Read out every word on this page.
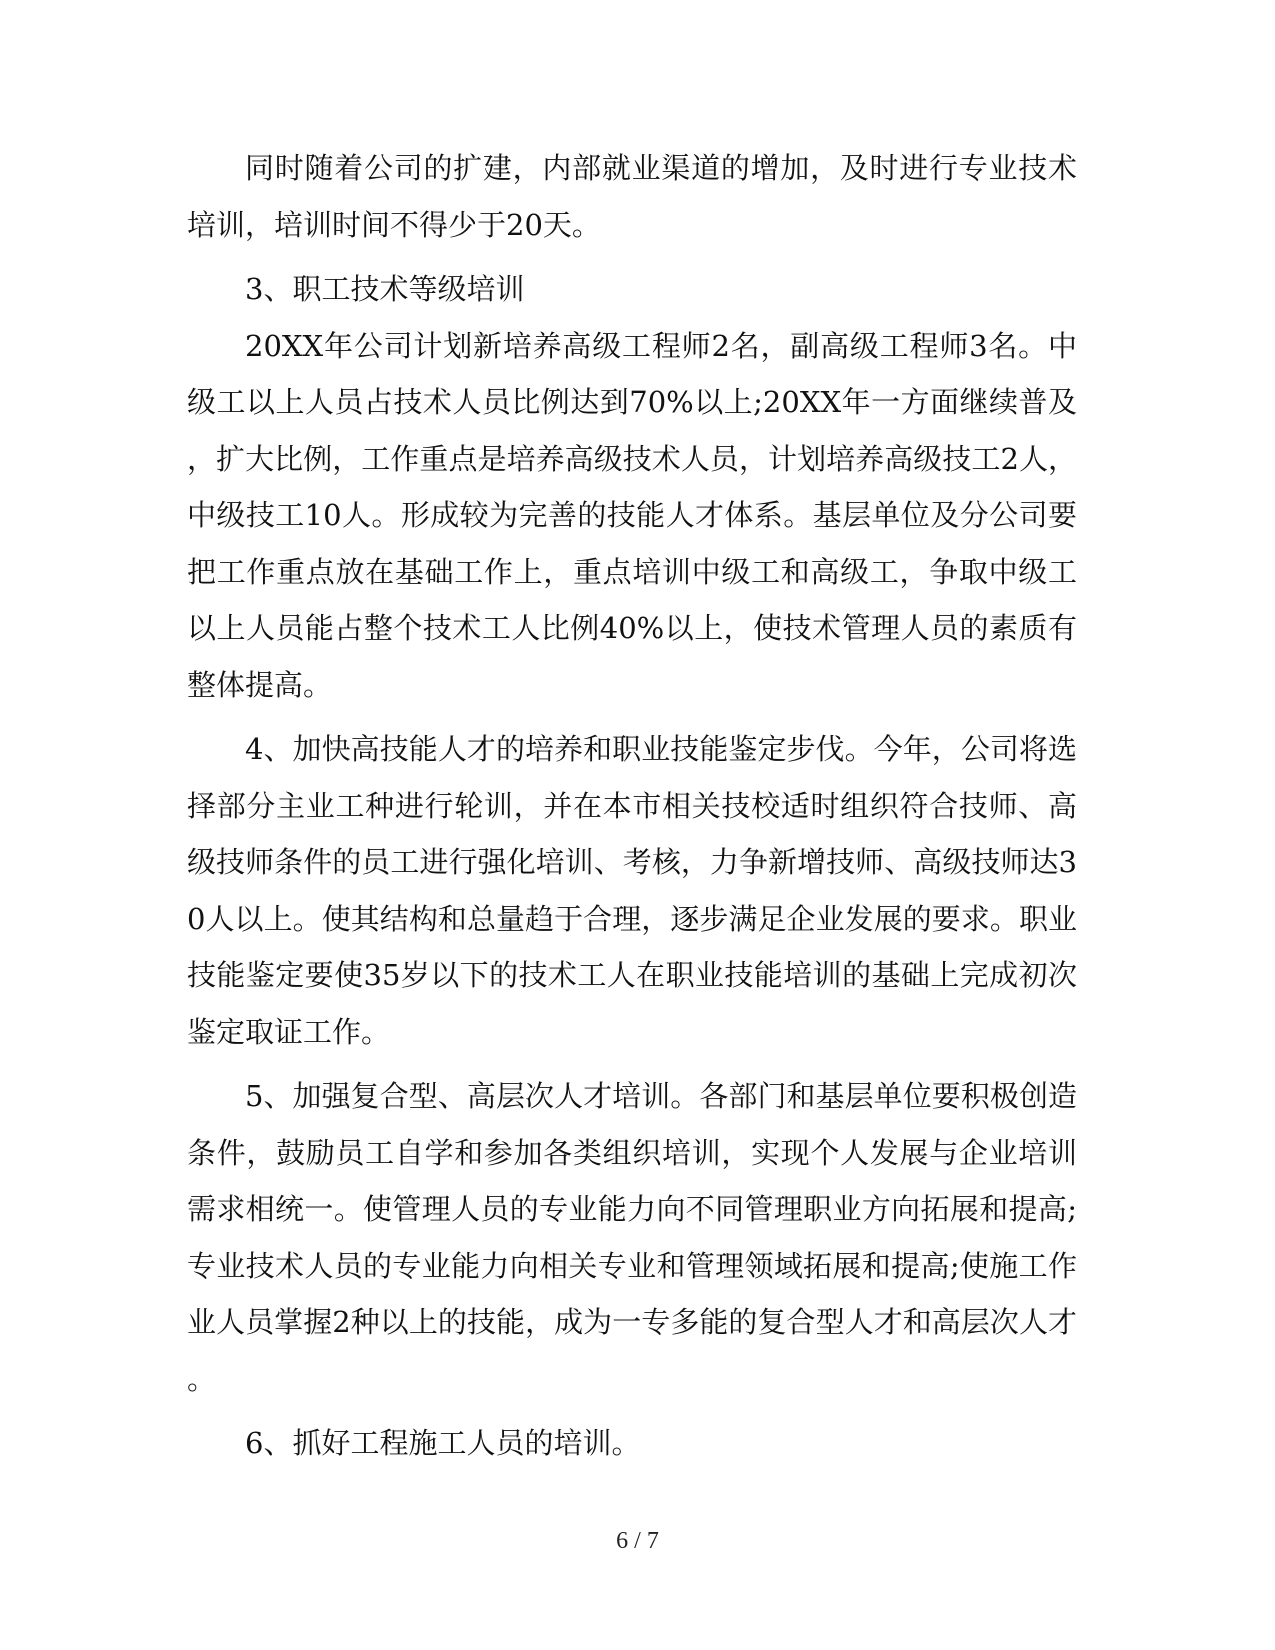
同时随着公司的扩建，内部就业渠道的增加，及时进行专业技术培训，培训时间不得少于20天。

3、职工技术等级培训

20XX年公司计划新培养高级工程师2名，副高级工程师3名。中级工以上人员占技术人员比例达到70%以上;20XX年一方面继续普及，扩大比例，工作重点是培养高级技术人员，计划培养高级技工2人，中级技工10人。形成较为完善的技能人才体系。基层单位及分公司要把工作重点放在基础工作上，重点培训中级工和高级工，争取中级工以上人员能占整个技术工人比例40%以上，使技术管理人员的素质有整体提高。

4、加快高技能人才的培养和职业技能鉴定步伐。今年，公司将选择部分主业工种进行轮训，并在本市相关技校适时组织符合技师、高级技师条件的员工进行强化培训、考核，力争新增技师、高级技师达30人以上。使其结构和总量趋于合理，逐步满足企业发展的要求。职业技能鉴定要使35岁以下的技术工人在职业技能培训的基础上完成初次鉴定取证工作。

5、加强复合型、高层次人才培训。各部门和基层单位要积极创造条件，鼓励员工自学和参加各类组织培训，实现个人发展与企业培训需求相统一。使管理人员的专业能力向不同管理职业方向拓展和提高;专业技术人员的专业能力向相关专业和管理领域拓展和提高;使施工作业人员掌握2种以上的技能，成为一专多能的复合型人才和高层次人才。

6、抓好工程施工人员的培训。

6 / 7
